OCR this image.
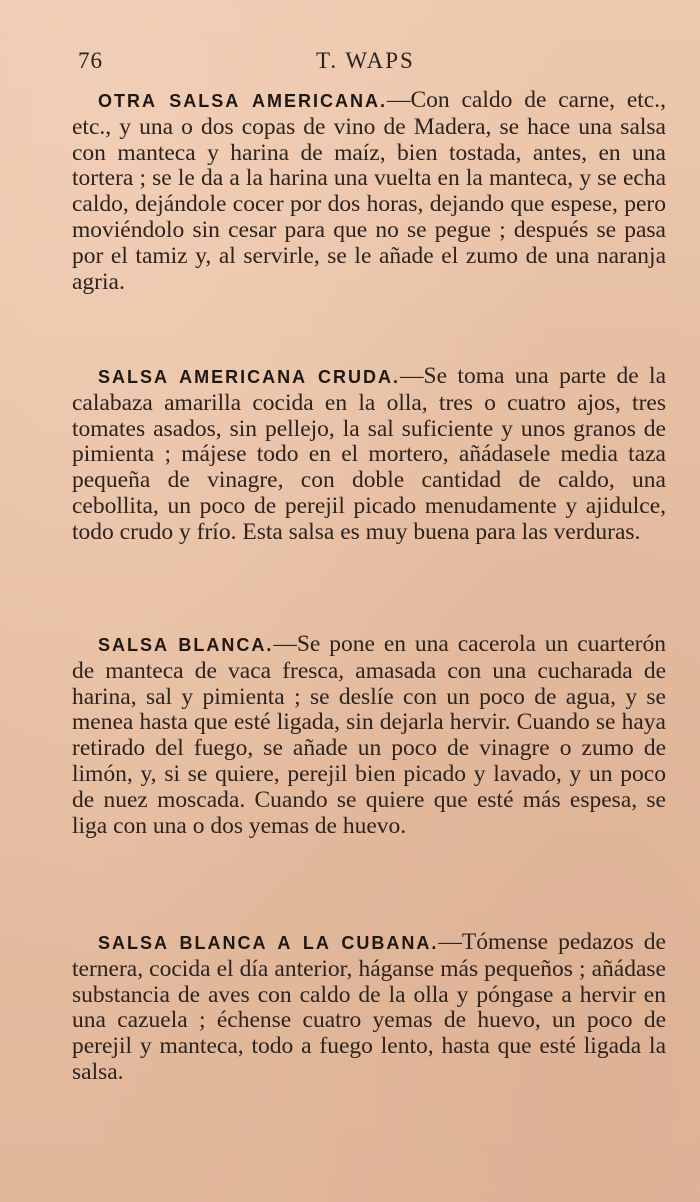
76	T. WAPS
OTRA SALSA AMERICANA.—Con caldo de carne, etc., etc., y una o dos copas de vino de Madera, se hace una salsa con manteca y harina de maíz, bien tostada, antes, en una tortera ; se le da a la harina una vuelta en la manteca, y se echa caldo, dejándole cocer por dos horas, dejando que espese, pero moviéndolo sin cesar para que no se pegue ; después se pasa por el tamiz y, al servirle, se le añade el zumo de una naranja agria.
SALSA AMERICANA CRUDA.—Se toma una parte de la calabaza amarilla cocida en la olla, tres o cuatro ajos, tres tomates asados, sin pellejo, la sal suficiente y unos granos de pimienta ; májese todo en el mortero, añádasele media taza pequeña de vinagre, con doble cantidad de caldo, una cebollita, un poco de perejil picado menudamente y ajidulce, todo crudo y frío. Esta salsa es muy buena para las verduras.
SALSA BLANCA.—Se pone en una cacerola un cuarterón de manteca de vaca fresca, amasada con una cucharada de harina, sal y pimienta ; se deslíe con un poco de agua, y se menea hasta que esté ligada, sin dejarla hervir. Cuando se haya retirado del fuego, se añade un poco de vinagre o zumo de limón, y, si se quiere, perejil bien picado y lavado, y un poco de nuez moscada. Cuando se quiere que esté más espesa, se liga con una o dos yemas de huevo.
SALSA BLANCA A LA CUBANA.—Tómense pedazos de ternera, cocida el día anterior, háganse más pequeños ; añádase substancia de aves con caldo de la olla y póngase a hervir en una cazuela ; échense cuatro yemas de huevo, un poco de perejil y manteca, todo a fuego lento, hasta que esté ligada la salsa.
